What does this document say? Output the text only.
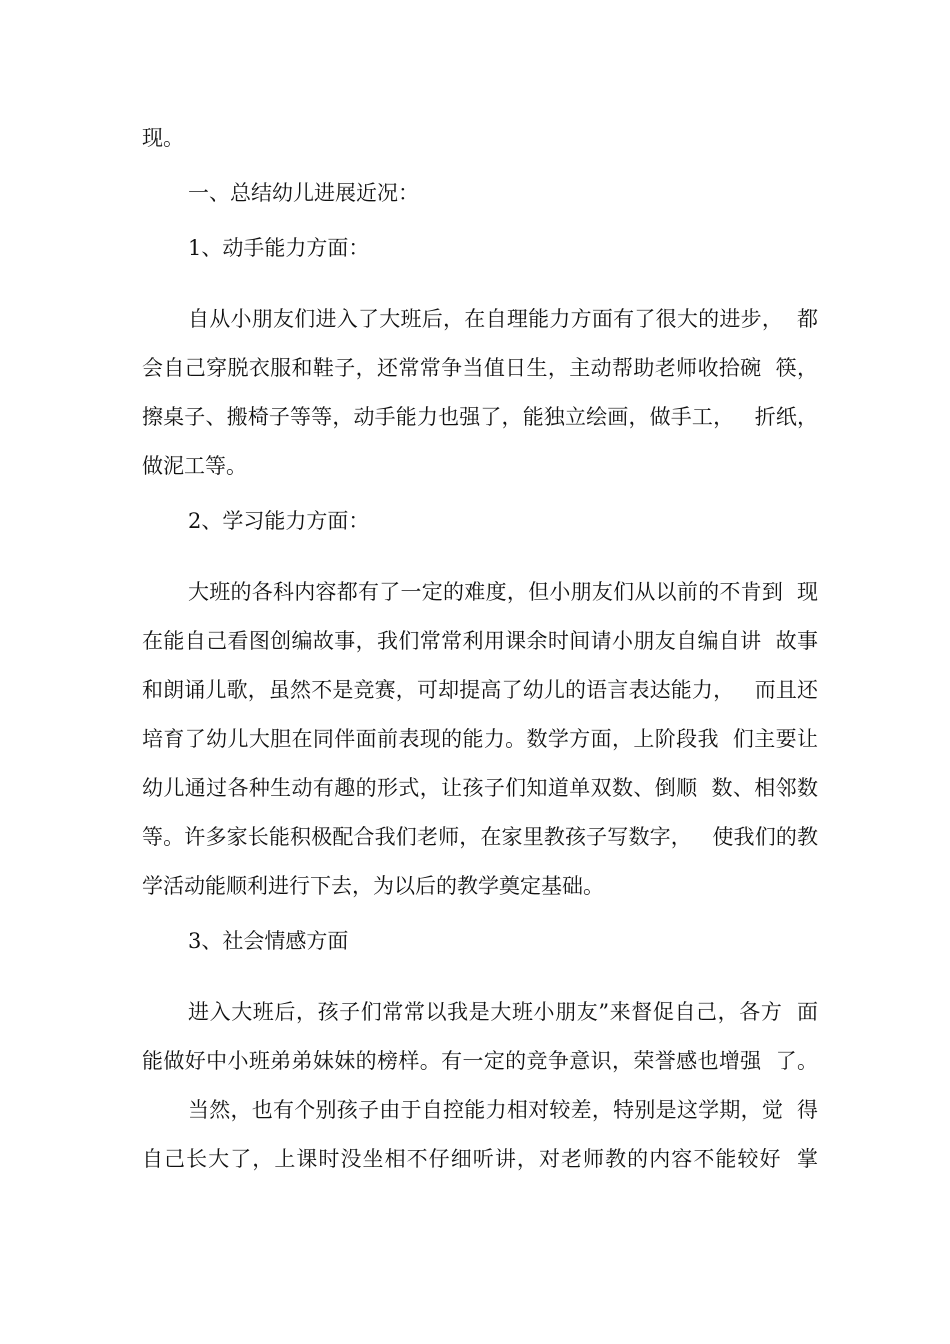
现。
一、总结幼儿进展近况：
1、动手能力方面：
自从小朋友们进入了大班后，在自理能力方面有了很大的进步，  都
会自己穿脱衣服和鞋子，还常常争当值日生，主动帮助老师收拾碗  筷，
擦桌子、搬椅子等等，动手能力也强了，能独立绘画，做手工，   折纸，
做泥工等。
2、学习能力方面：
大班的各科内容都有了一定的难度，但小朋友们从以前的不肯到  现
在能自己看图创编故事，我们常常利用课余时间请小朋友自编自讲  故事
和朗诵儿歌，虽然不是竞赛，可却提高了幼儿的语言表达能力，   而且还
培育了幼儿大胆在同伴面前表现的能力。数学方面，上阶段我  们主要让
幼儿通过各种生动有趣的形式，让孩子们知道单双数、倒顺  数、相邻数
等。许多家长能积极配合我们老师，在家里教孩子写数字，   使我们的教
学活动能顺利进行下去，为以后的教学奠定基础。
3、社会情感方面
进入大班后，孩子们常常以我是大班小朋友”来督促自己，各方  面
能做好中小班弟弟妹妹的榜样。有一定的竞争意识，荣誉感也增强  了。
当然，也有个别孩子由于自控能力相对较差，特别是这学期，觉  得
自己长大了，上课时没坐相不仔细听讲，对老师教的内容不能较好  掌
